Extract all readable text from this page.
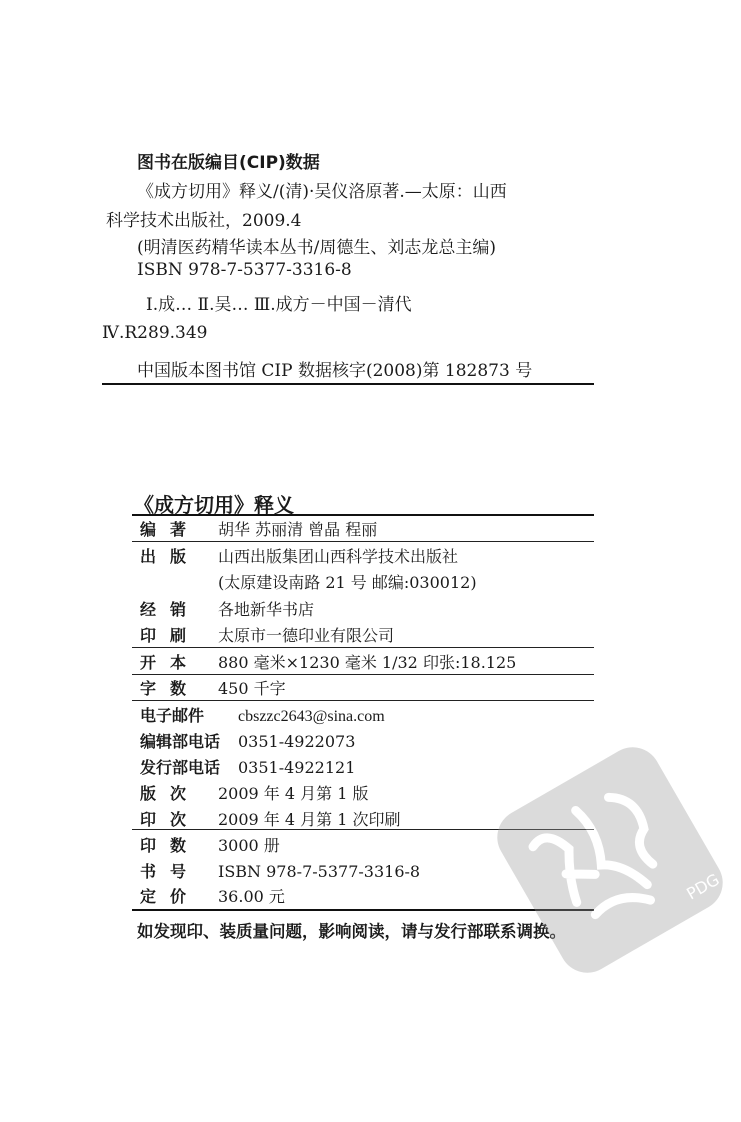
图书在版编目(CIP)数据
《成方切用》释义/(清)·吴仪洛原著.—太原：山西
科学技术出版社，2009.4
(明清医药精华读本丛书/周德生、刘志龙总主编)
ISBN 978-7-5377-3316-8
Ⅰ.成… Ⅱ.吴… Ⅲ.成方－中国－清代
Ⅳ.R289.349
中国版本图书馆 CIP 数据核字(2008)第 182873 号
《成方切用》释义
编著	胡华 苏丽清 曾晶 程丽
出版	山西出版集团山西科学技术出版社
(太原建设南路 21 号 邮编:030012)
经销	各地新华书店
印刷	太原市一德印业有限公司
开本	880 毫米×1230 毫米 1/32 印张:18.125
字数	450 千字
电子邮件	cbszzc2643@sina.com
编辑部电话	0351-4922073
发行部电话	0351-4922121
版次	2009 年 4 月第 1 版
印次	2009 年 4 月第 1 次印刷
印数	3000 册
书号	ISBN 978-7-5377-3316-8
定价	36.00 元
如发现印、装质量问题，影响阅读，请与发行部联系调换。
PDG
